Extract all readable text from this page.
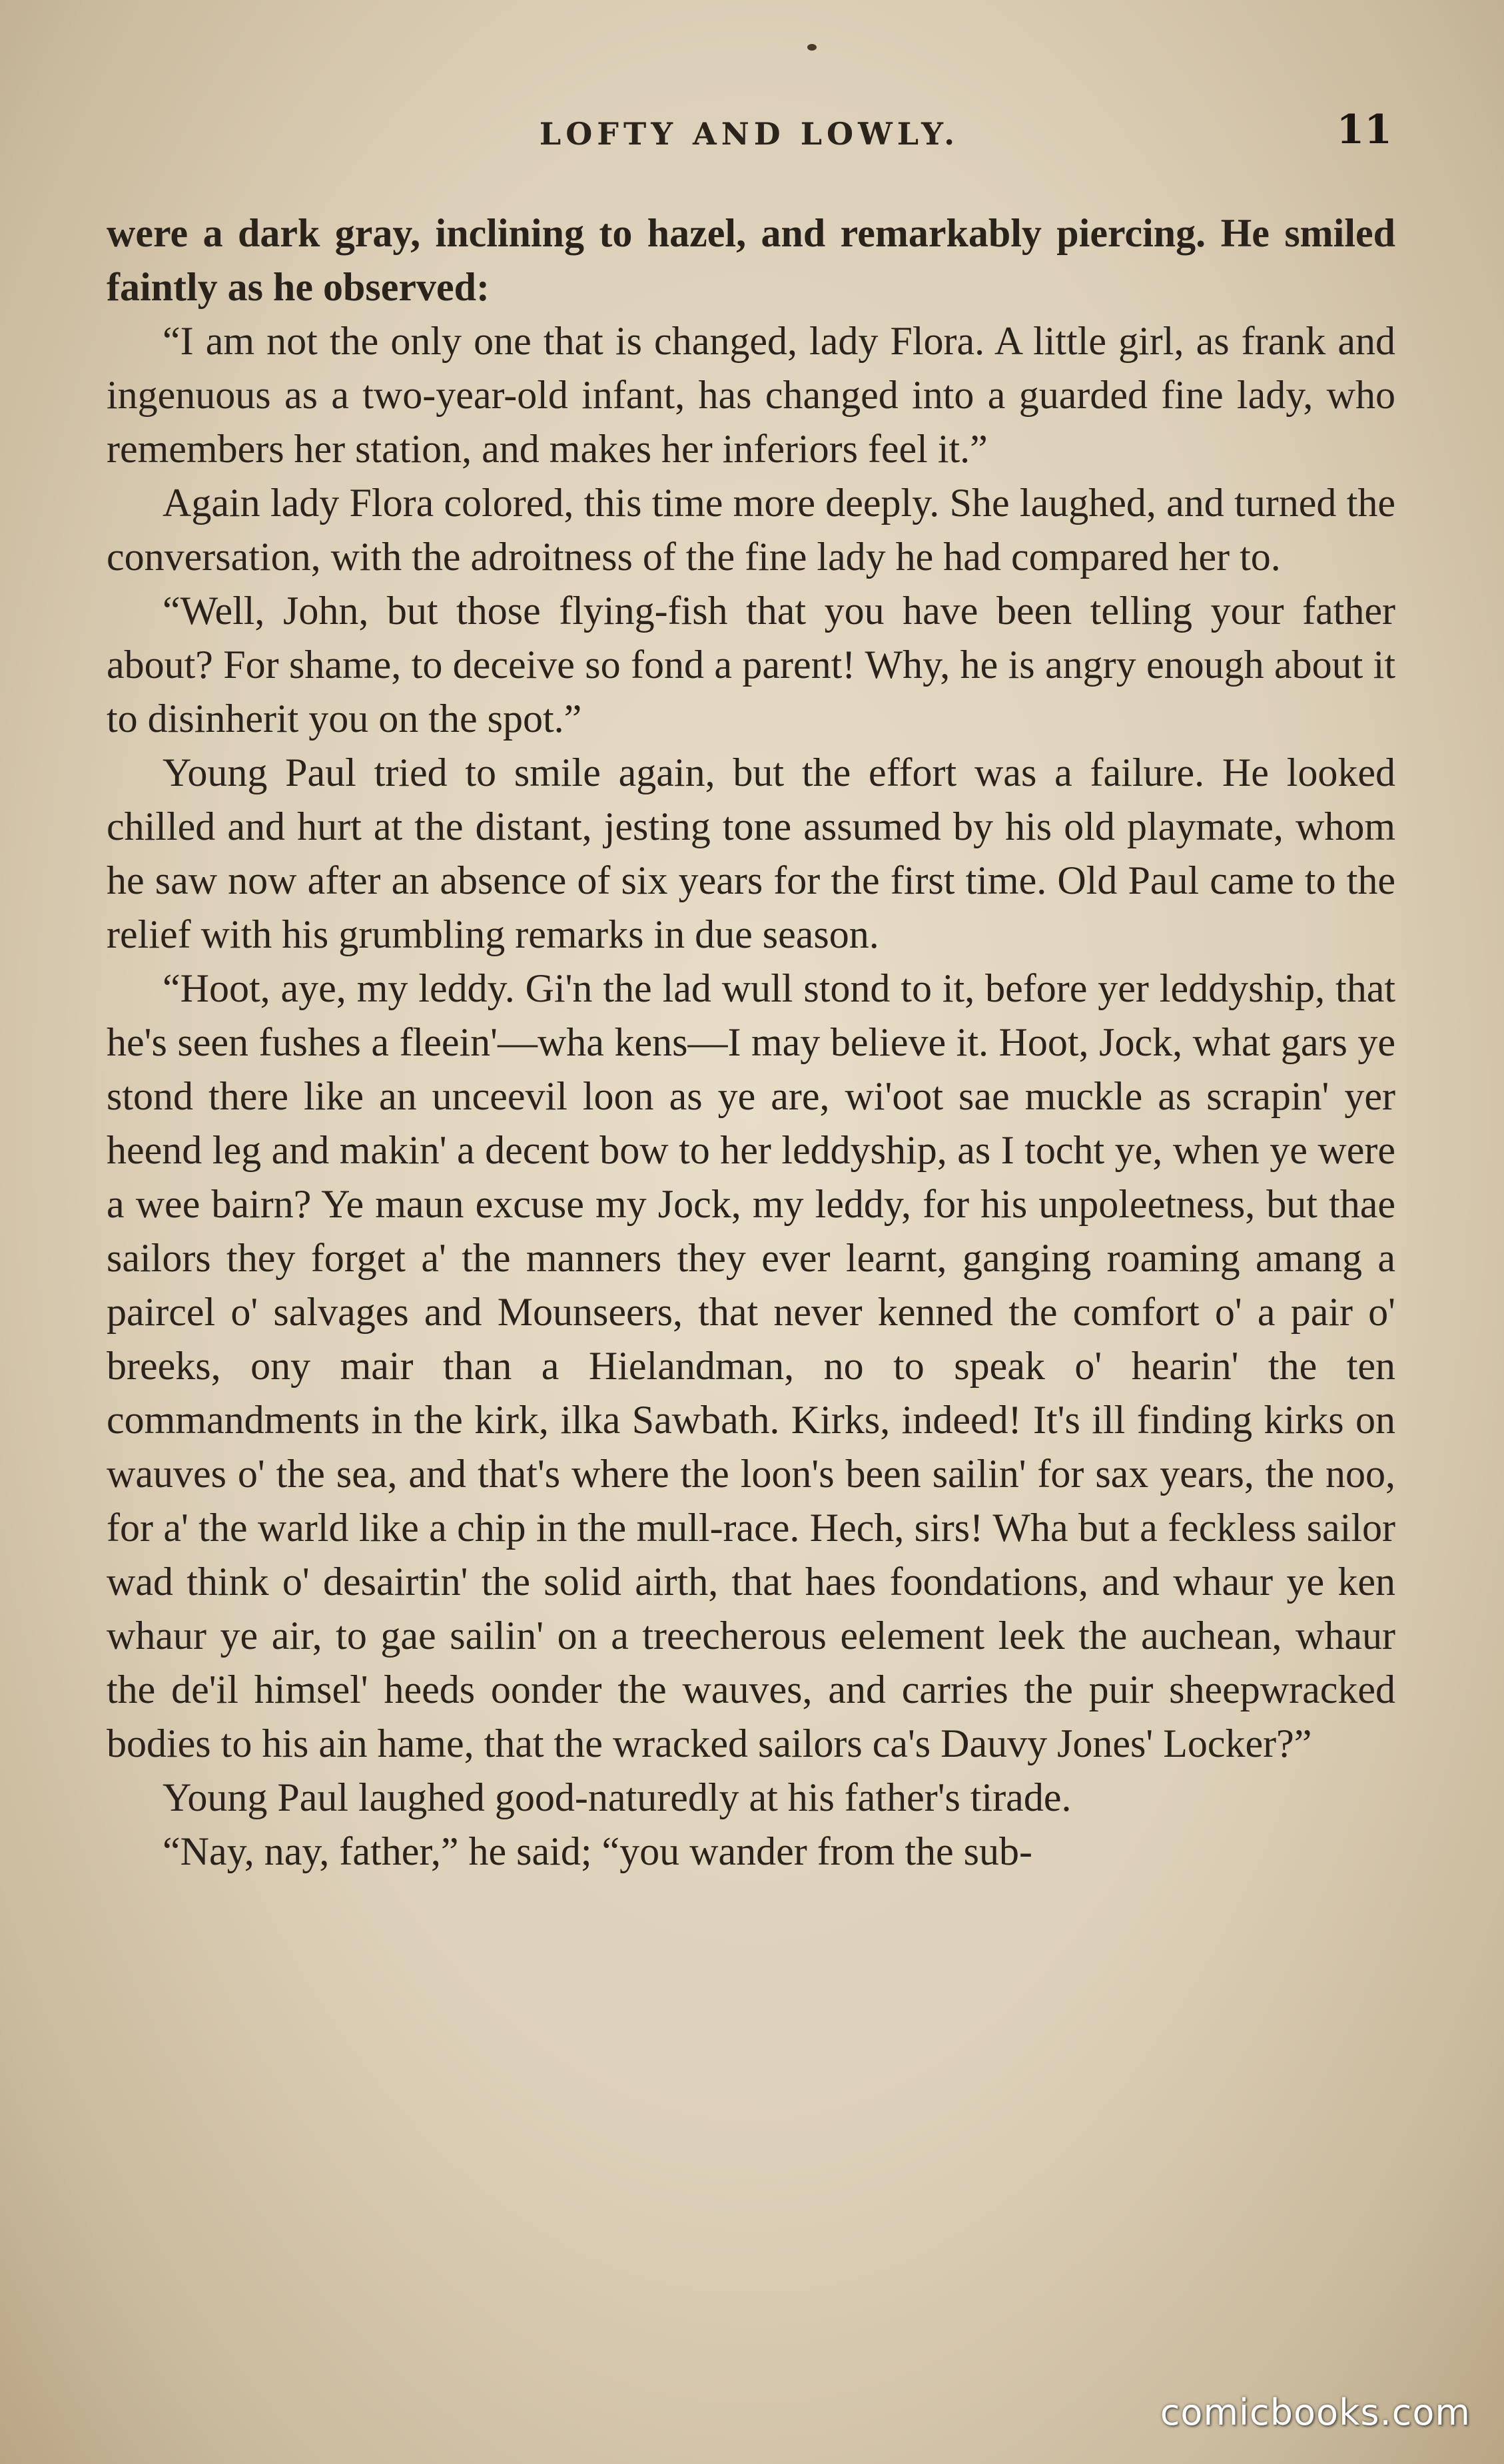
LOFTY AND LOWLY.	11

were a dark gray, inclining to hazel, and remarkably piercing. He smiled faintly as he observed:

“I am not the only one that is changed, lady Flora. A little girl, as frank and ingenuous as a two-year-old infant, has changed into a guarded fine lady, who remembers her station, and makes her inferiors feel it.”

Again lady Flora colored, this time more deeply. She laughed, and turned the conversation, with the adroitness of the fine lady he had compared her to.

“Well, John, but those flying-fish that you have been telling your father about? For shame, to deceive so fond a parent! Why, he is angry enough about it to disinherit you on the spot.”

Young Paul tried to smile again, but the effort was a failure. He looked chilled and hurt at the distant, jesting tone assumed by his old playmate, whom he saw now after an absence of six years for the first time. Old Paul came to the relief with his grumbling remarks in due season.

“Hoot, aye, my leddy. Gi'n the lad wull stond to it, before yer leddyship, that he's seen fushes a fleein'—wha kens—I may believe it. Hoot, Jock, what gars ye stond there like an unceevil loon as ye are, wi'oot sae muckle as scrapin' yer heend leg and makin' a decent bow to her leddyship, as I tocht ye, when ye were a wee bairn? Ye maun excuse my Jock, my leddy, for his unpoleetness, but thae sailors they forget a' the manners they ever learnt, ganging roaming amang a paircel o' salvages and Mounseers, that never kenned the comfort o' a pair o' breeks, ony mair than a Hielandman, no to speak o' hearin' the ten commandments in the kirk, ilka Sawbath. Kirks, indeed! It's ill finding kirks on wauves o' the sea, and that's where the loon's been sailin' for sax years, the noo, for a' the warld like a chip in the mull-race. Hech, sirs! Wha but a feckless sailor wad think o' desairtin' the solid airth, that haes foondations, and whaur ye ken whaur ye air, to gae sailin' on a treecherous eelement leek the auchean, whaur the de'il himsel' heeds oonder the wauves, and carries the puir sheepwracked bodies to his ain hame, that the wracked sailors ca's Dauvy Jones' Locker?”

Young Paul laughed good-naturedly at his father's tirade.

“Nay, nay, father,” he said; “you wander from the sub-

comicbooks.com
